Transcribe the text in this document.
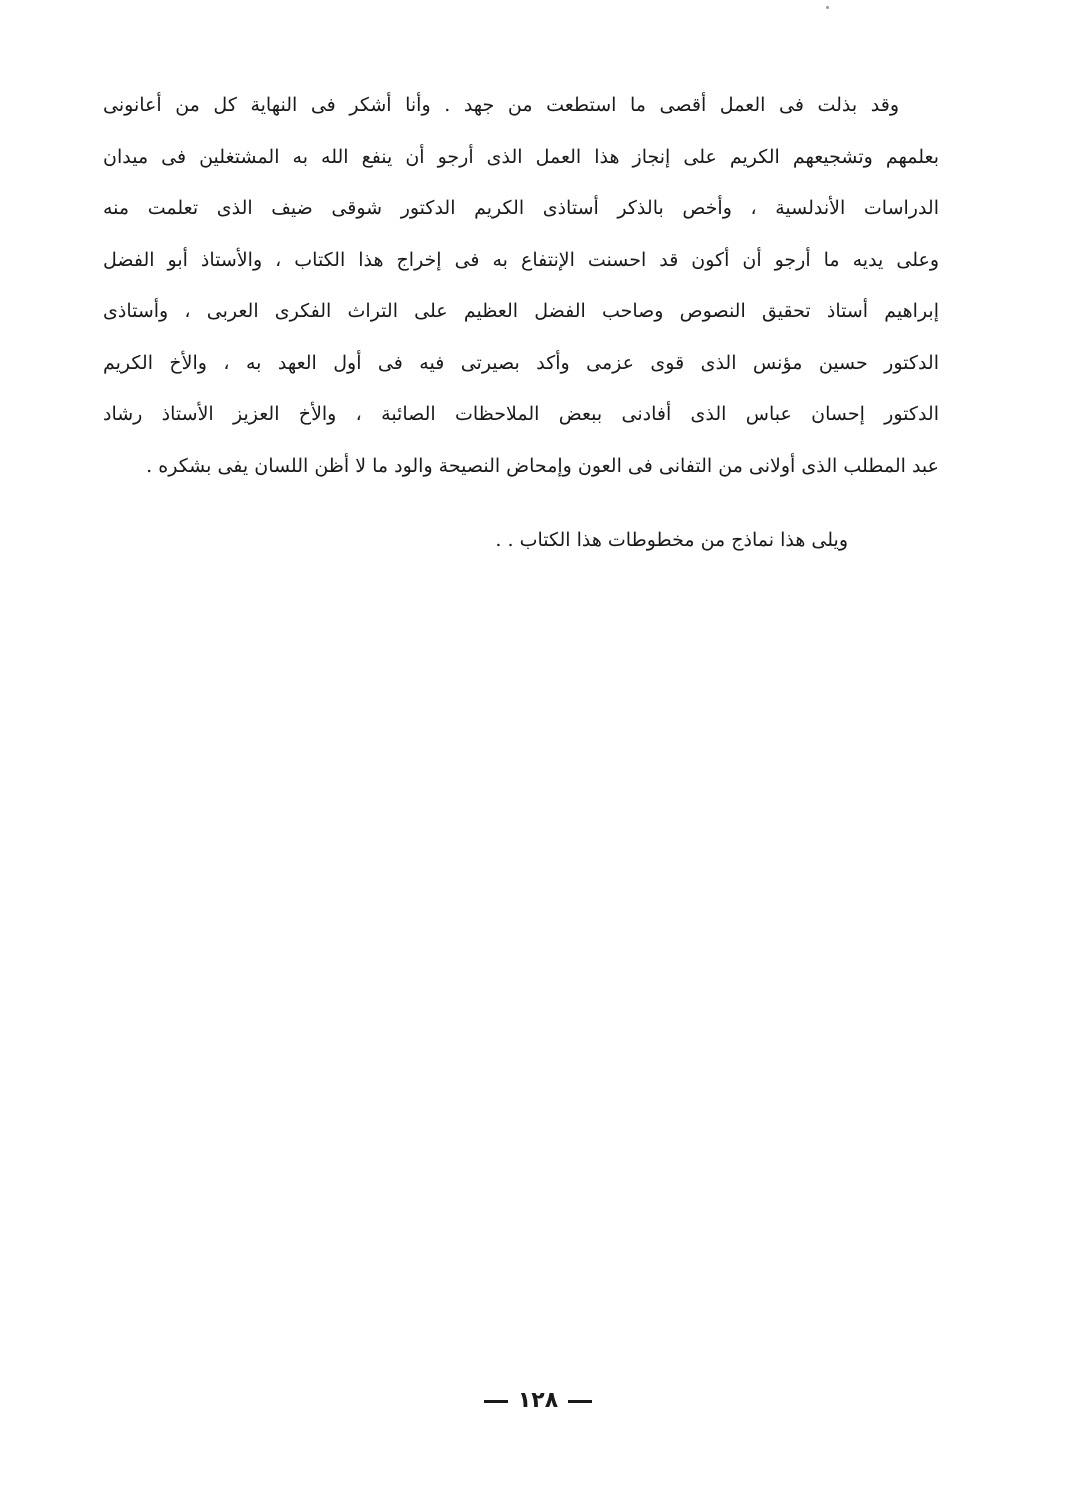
وقد بذلت فى العمل أقصى ما استطعت من جهد . وأنا أشكر فى النهاية كل من أعانونى
بعلمهم وتشجيعهم الكريم على إنجاز هذا العمل الذى أرجو أن ينفع الله به المشتغلين فى ميدان
الدراسات الأندلسية ، وأخص بالذكر أستاذى الكريم الدكتور شوقى ضيف الذى تعلمت منه
وعلى يديه ما أرجو أن أكون قد احسنت الإنتفاع به فى إخراج هذا الكتاب ، والأستاذ أبو الفضل
إبراهيم أستاذ تحقيق النصوص وصاحب الفضل العظيم على التراث الفكرى العربى ، وأستاذى
الدكتور حسين مؤنس الذى قوى عزمى وأكد بصيرتى فيه فى أول العهد به ، والأخ الكريم
الدكتور إحسان عباس الذى أفادنى ببعض الملاحظات الصائبة ، والأخ العزيز الأستاذ رشاد
عبد المطلب الذى أولانى من التفانى فى العون وإمحاض النصيحة والود ما لا أظن اللسان يفى بشكره .
ويلى هذا نماذج من مخطوطات هذا الكتاب . .
١٢٨
